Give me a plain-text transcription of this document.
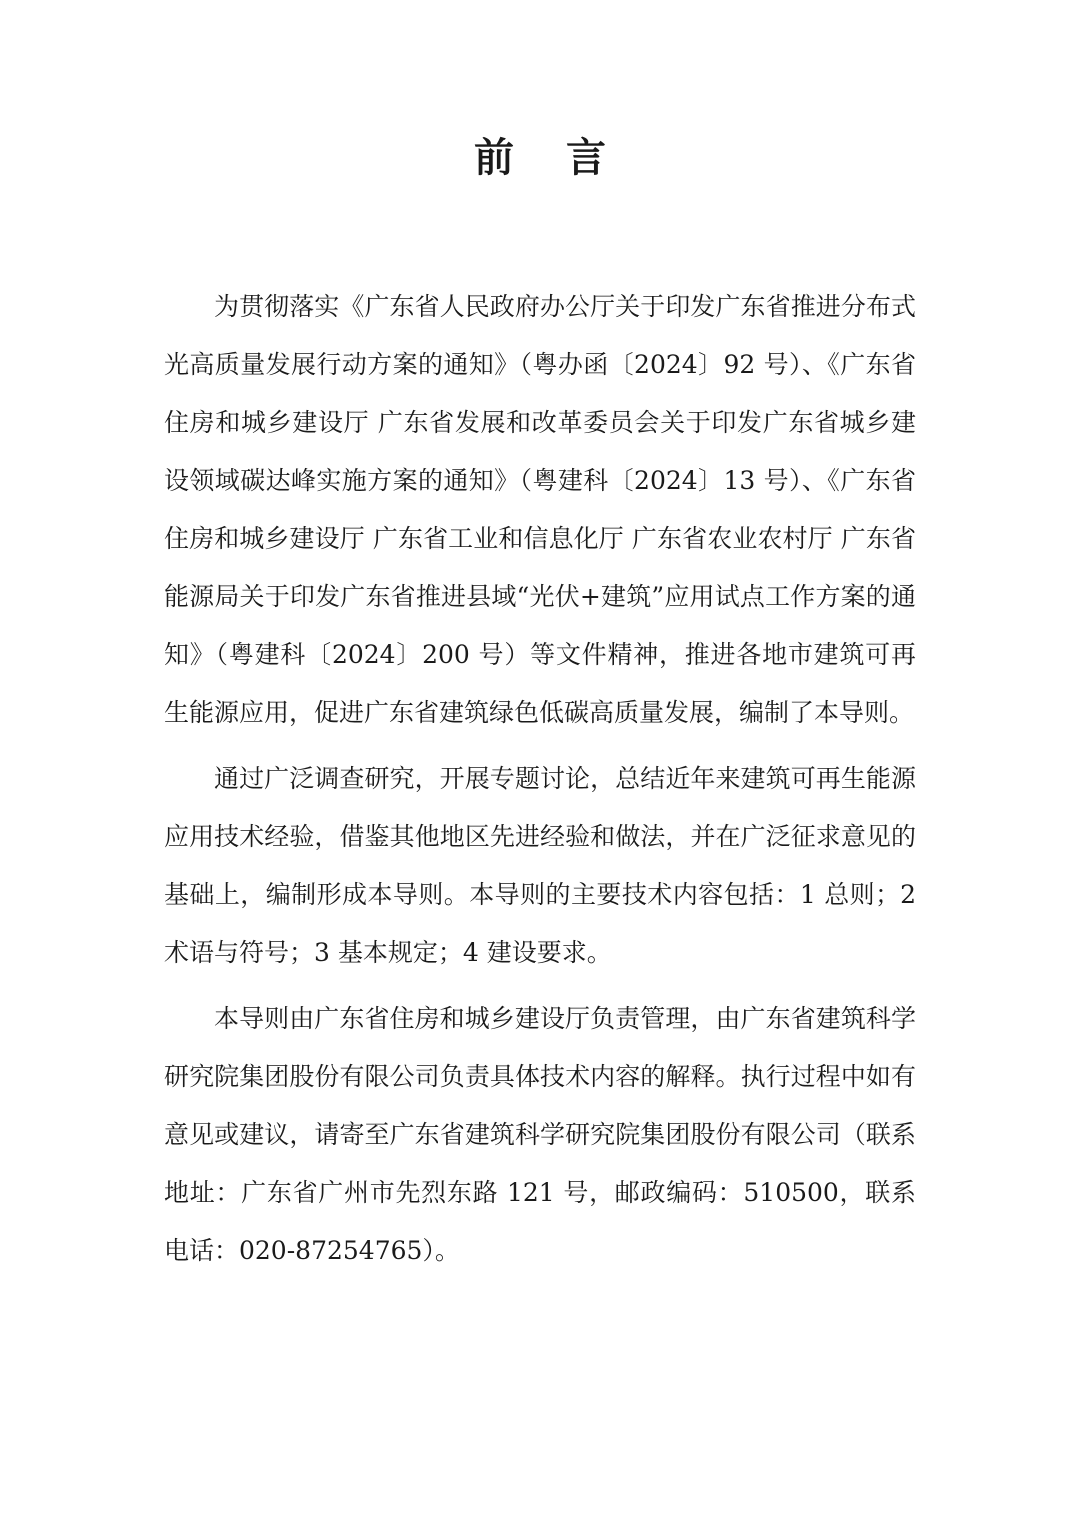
前言

为贯彻落实《广东省人民政府办公厅关于印发广东省推进分布式光高质量发展行动方案的通知》（粤办函〔2024〕92 号）、《广东省住房和城乡建设厅 广东省发展和改革委员会关于印发广东省城乡建设领域碳达峰实施方案的通知》（粤建科〔2024〕13 号）、《广东省住房和城乡建设厅 广东省工业和信息化厅 广东省农业农村厅 广东省能源局关于印发广东省推进县域“光伏+建筑”应用试点工作方案的通知》（粤建科〔2024〕200 号）等文件精神，推进各地市建筑可再生能源应用，促进广东省建筑绿色低碳高质量发展，编制了本导则。

通过广泛调查研究，开展专题讨论，总结近年来建筑可再生能源应用技术经验，借鉴其他地区先进经验和做法，并在广泛征求意见的基础上，编制形成本导则。本导则的主要技术内容包括：1 总则；2 术语与符号；3 基本规定；4 建设要求。

本导则由广东省住房和城乡建设厅负责管理，由广东省建筑科学研究院集团股份有限公司负责具体技术内容的解释。执行过程中如有意见或建议，请寄至广东省建筑科学研究院集团股份有限公司（联系地址：广东省广州市先烈东路 121 号，邮政编码：510500，联系电话：020-87254765）。
